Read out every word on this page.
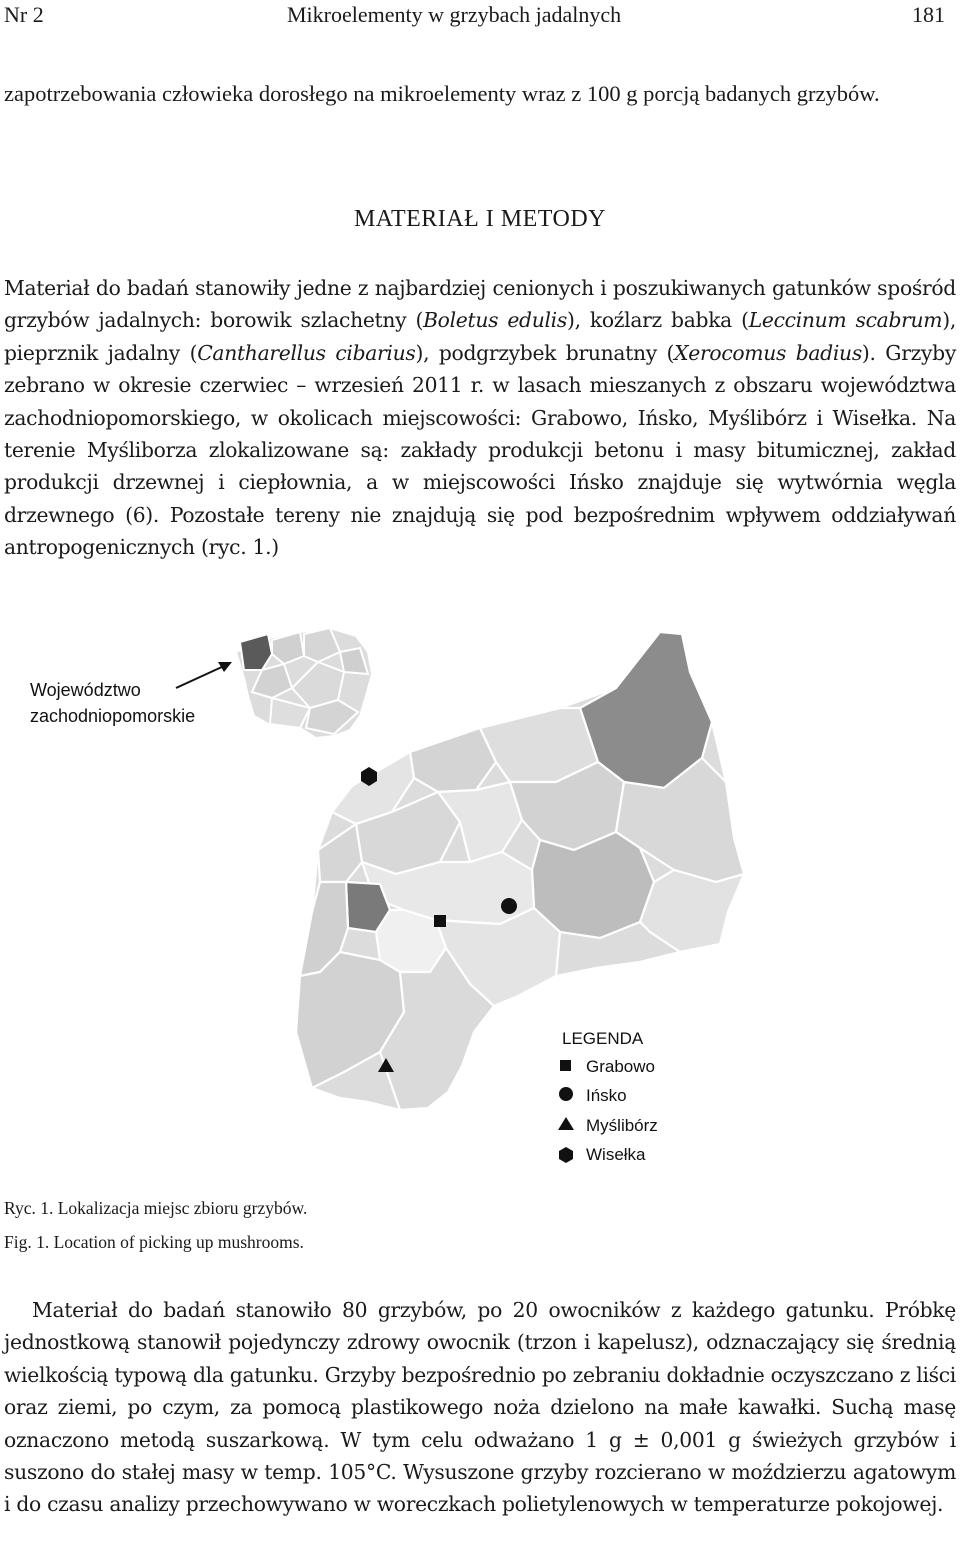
Nr 2	Mikroelementy w grzybach jadalnych	181

zapotrzebowania człowieka dorosłego na mikroelementy wraz z 100 g porcją badanych grzybów.

MATERIAŁ I METODY

Materiał do badań stanowiły jedne z najbardziej cenionych i poszukiwanych gatunków spośród grzybów jadalnych: borowik szlachetny (Boletus edulis), koźlarz babka (Leccinum scabrum), pieprznik jadalny (Cantharellus cibarius), podgrzybek brunatny (Xerocomus badius). Grzyby zebrano w okresie czerwiec – wrzesień 2011 r. w lasach mieszanych z obszaru województwa zachodniopomorskiego, w okolicach miejscowości: Grabowo, Ińsko, Myślibórz i Wisełka. Na terenie Myśliborza zlokalizowane są: zakłady produkcji betonu i masy bitumicznej, zakład produkcji drzewnej i ciepłownia, a w miejscowości Ińsko znajduje się wytwórnia węgla drzewnego (6). Pozostałe tereny nie znajdują się pod bezpośrednim wpływem oddziaływań antropogenicznych (ryc. 1.)

Województwo
zachodniopomorskie
LEGENDA
Grabowo
Ińsko
Myślibórz
Wisełka
Ryc. 1. Lokalizacja miejsc zbioru grzybów.
Fig. 1. Location of picking up mushrooms.

Materiał do badań stanowiło 80 grzybów, po 20 owocników z każdego gatunku. Próbkę jednostkową stanowił pojedynczy zdrowy owocnik (trzon i kapelusz), odznaczający się średnią wielkością typową dla gatunku. Grzyby bezpośrednio po zebraniu dokładnie oczyszczano z liści oraz ziemi, po czym, za pomocą plastikowego noża dzielono na małe kawałki. Suchą masę oznaczono metodą suszarkową. W tym celu odważano 1 g ± 0,001 g świeżych grzybów i suszono do stałej masy w temp. 105°C. Wysuszone grzyby rozcierano w moździerzu agatowym i do czasu analizy przechowywano w woreczkach polietylenowych w temperaturze pokojowej.
